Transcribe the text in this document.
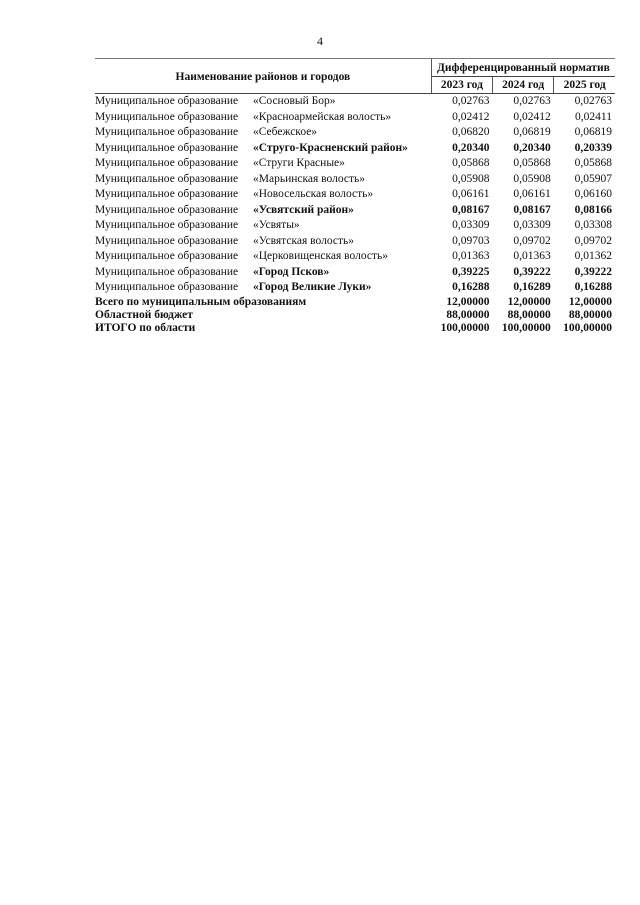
4

Наименование районов и городов	Дифференцированный норматив		
	2023 год	2024 год	2025 год
Муниципальное образование «Сосновый Бор»	0,02763	0,02763	0,02763
Муниципальное образование «Красноармейская волость»	0,02412	0,02412	0,02411
Муниципальное образование «Себежское»	0,06820	0,06819	0,06819
Муниципальное образование «Струго-Красненский район»	0,20340	0,20340	0,20339
Муниципальное образование «Струги Красные»	0,05868	0,05868	0,05868
Муниципальное образование «Марьинская волость»	0,05908	0,05908	0,05907
Муниципальное образование «Новосельская волость»	0,06161	0,06161	0,06160
Муниципальное образование «Усвятский район»	0,08167	0,08167	0,08166
Муниципальное образование «Усвяты»	0,03309	0,03309	0,03308
Муниципальное образование «Усвятская волость»	0,09703	0,09702	0,09702
Муниципальное образование «Церковищенская волость»	0,01363	0,01363	0,01362
Муниципальное образование «Город Псков»	0,39225	0,39222	0,39222
Муниципальное образование «Город Великие Луки»	0,16288	0,16289	0,16288
Всего по муниципальным образованиям	12,00000	12,00000	12,00000
Областной бюджет	88,00000	88,00000	88,00000
ИТОГО по области	100,00000	100,00000	100,00000
